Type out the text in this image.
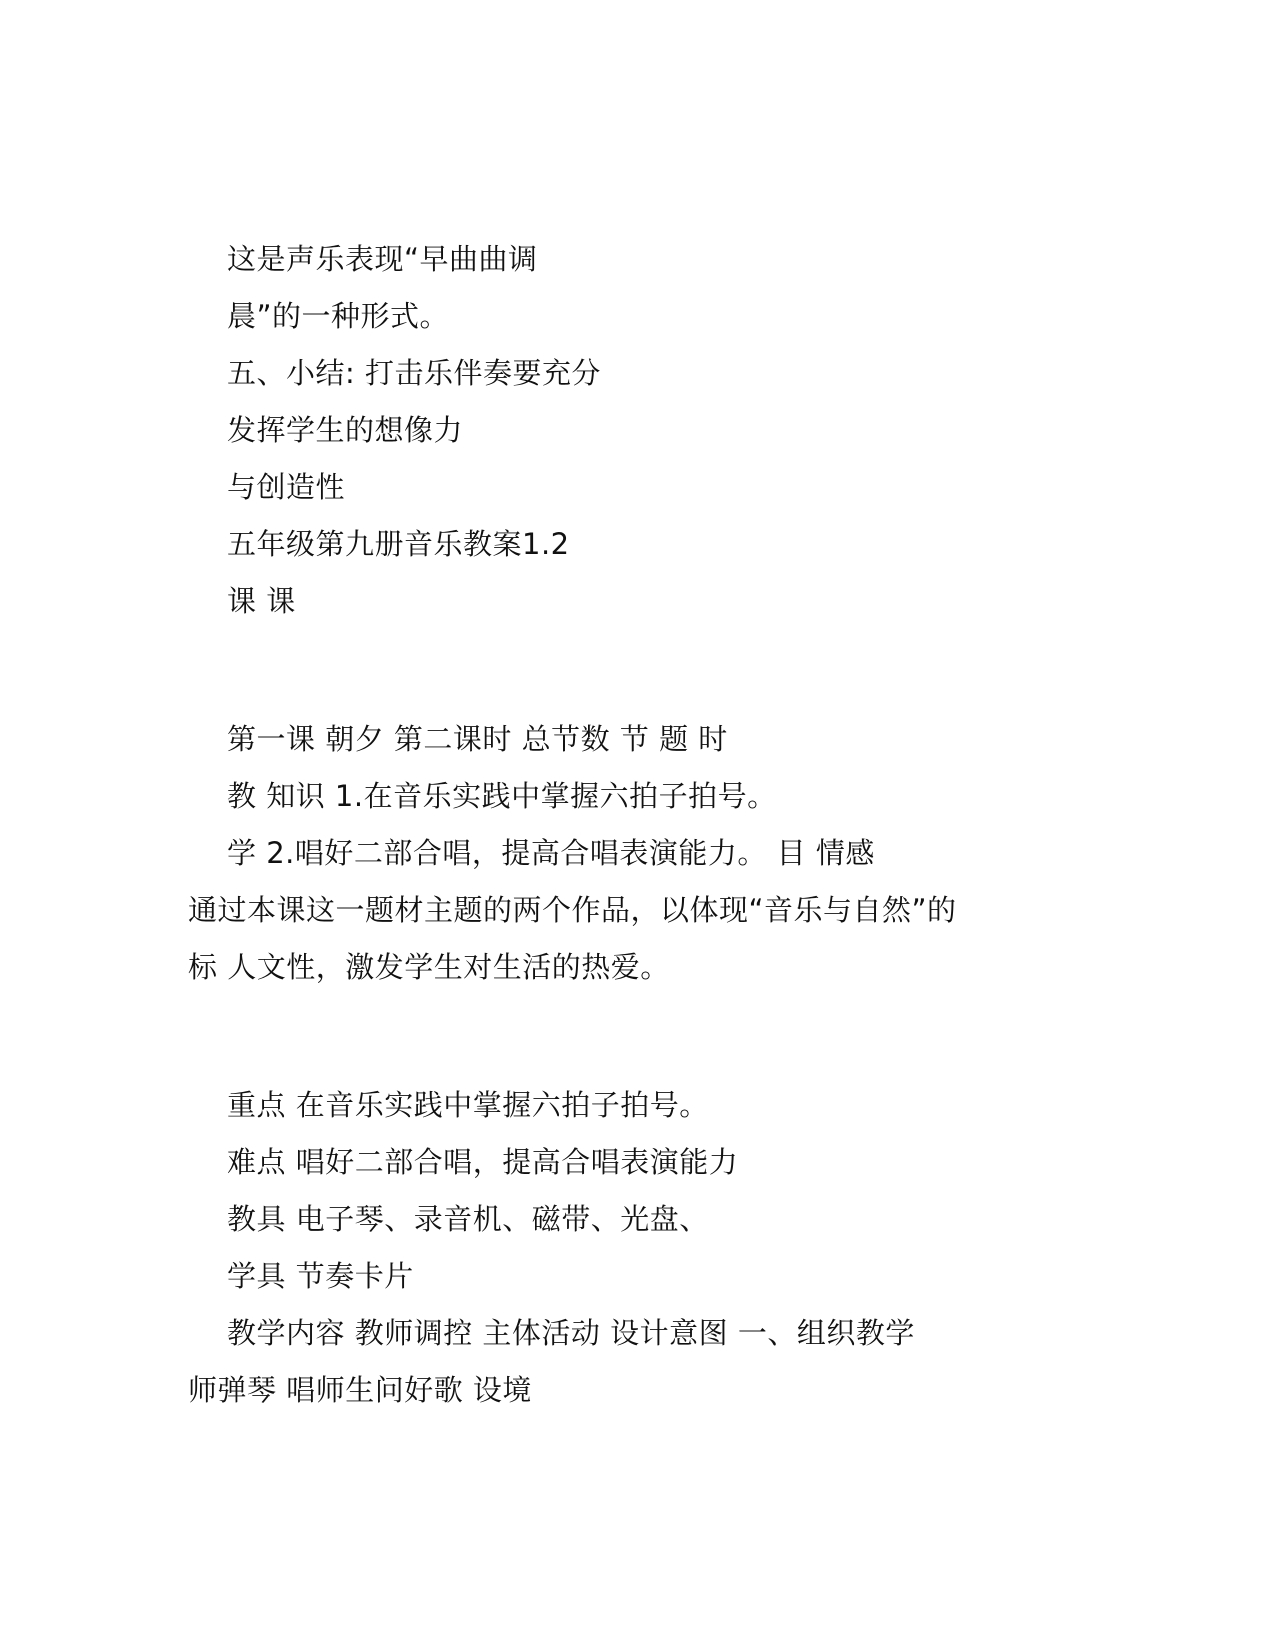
这是声乐表现“早曲曲调
晨”的一种形式。
五、小结: 打击乐伴奏要充分
发挥学生的想像力
与创造性
五年级第九册音乐教案1.2
课 课
第一课 朝夕 第二课时 总节数 节 题 时
教 知识 1.在音乐实践中掌握六拍子拍号。
学 2.唱好二部合唱，提高合唱表演能力。 目 情感
通过本课这一题材主题的两个作品，以体现“音乐与自然”的
标 人文性，激发学生对生活的热爱。
重点 在音乐实践中掌握六拍子拍号。
难点 唱好二部合唱，提高合唱表演能力
教具 电子琴、录音机、磁带、光盘、
学具 节奏卡片
教学内容 教师调控 主体活动 设计意图 一、组织教学
师弹琴 唱师生问好歌 设境
